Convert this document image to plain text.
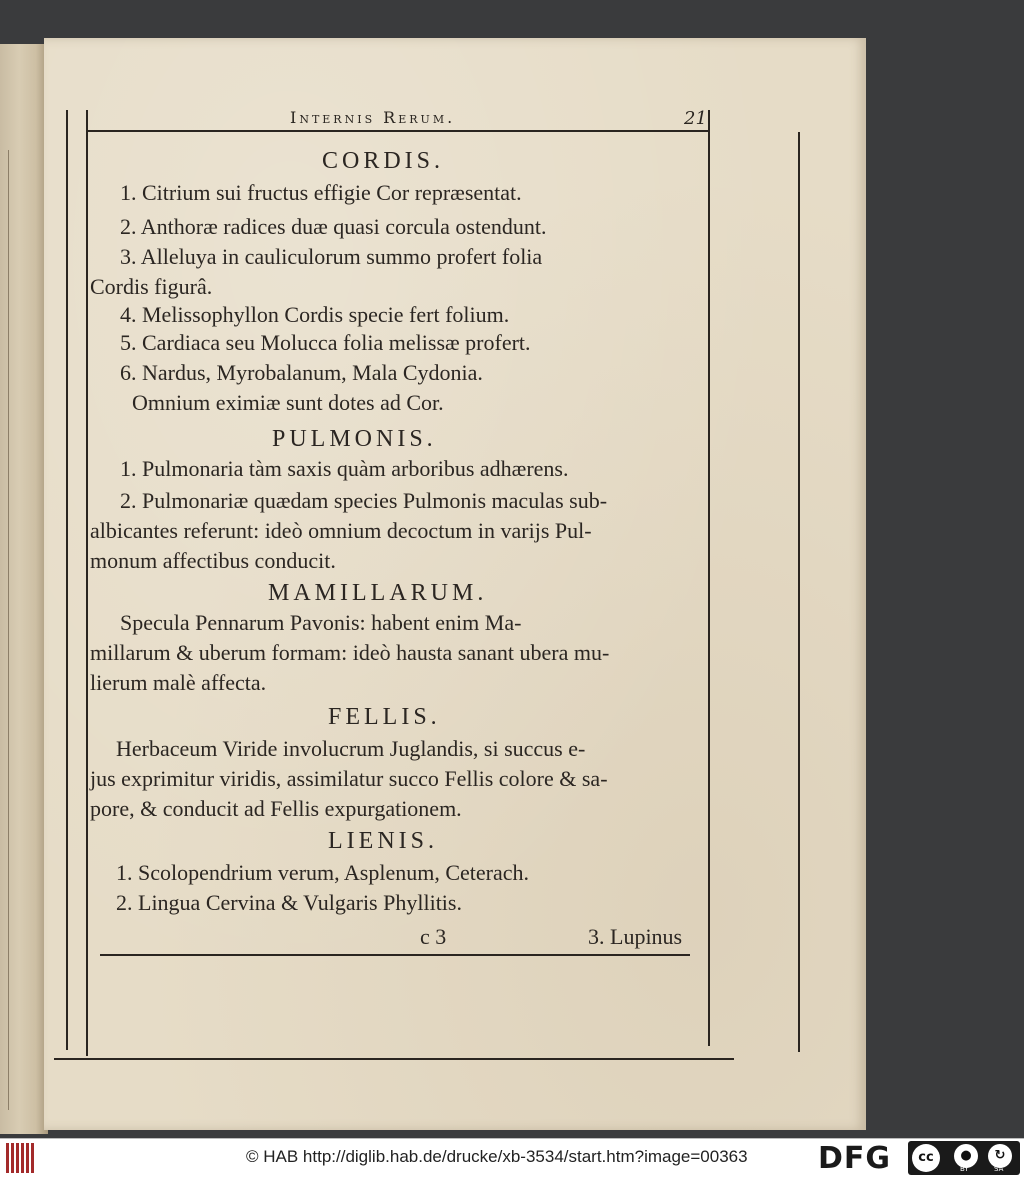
Internis Rerum.	21
CORDIS.
1. Citrium sui fructus effigie Cor repræsentat.
2. Anthoræ radices duæ quasi corcula ostendunt.
3. Alleluya in cauliculorum summo profert folia
Cordis figurâ.
4. Melissophyllon Cordis specie fert folium.
5. Cardiaca seu Molucca folia melissæ profert.
6. Nardus, Myrobalanum, Mala Cydonia.
Omnium eximiæ sunt dotes ad Cor.
PULMONIS.
1. Pulmonaria tàm saxis quàm arboribus adhærens.
2. Pulmonariæ quædam species Pulmonis maculas sub-
albicantes referunt: ideò omnium decoctum in varijs Pul-
monum affectibus conducit.
MAMILLARUM.
Specula Pennarum Pavonis: habent enim Ma-
millarum & uberum formam: ideò hausta sanant ubera mu-
lierum malè affecta.
FELLIS.
Herbaceum Viride involucrum Juglandis, si succus e-
jus exprimitur viridis, assimilatur succo Fellis colore & sa-
pore, & conducit ad Fellis expurgationem.
LIENIS.
1. Scolopendrium verum, Asplenum, Ceterach.
2. Lingua Cervina & Vulgaris Phyllitis.
c 3	3. Lupinus
© HAB http://diglib.hab.de/drucke/xb-3534/start.htm?image=00363 DFG	cc	●
BY
↻
SA
